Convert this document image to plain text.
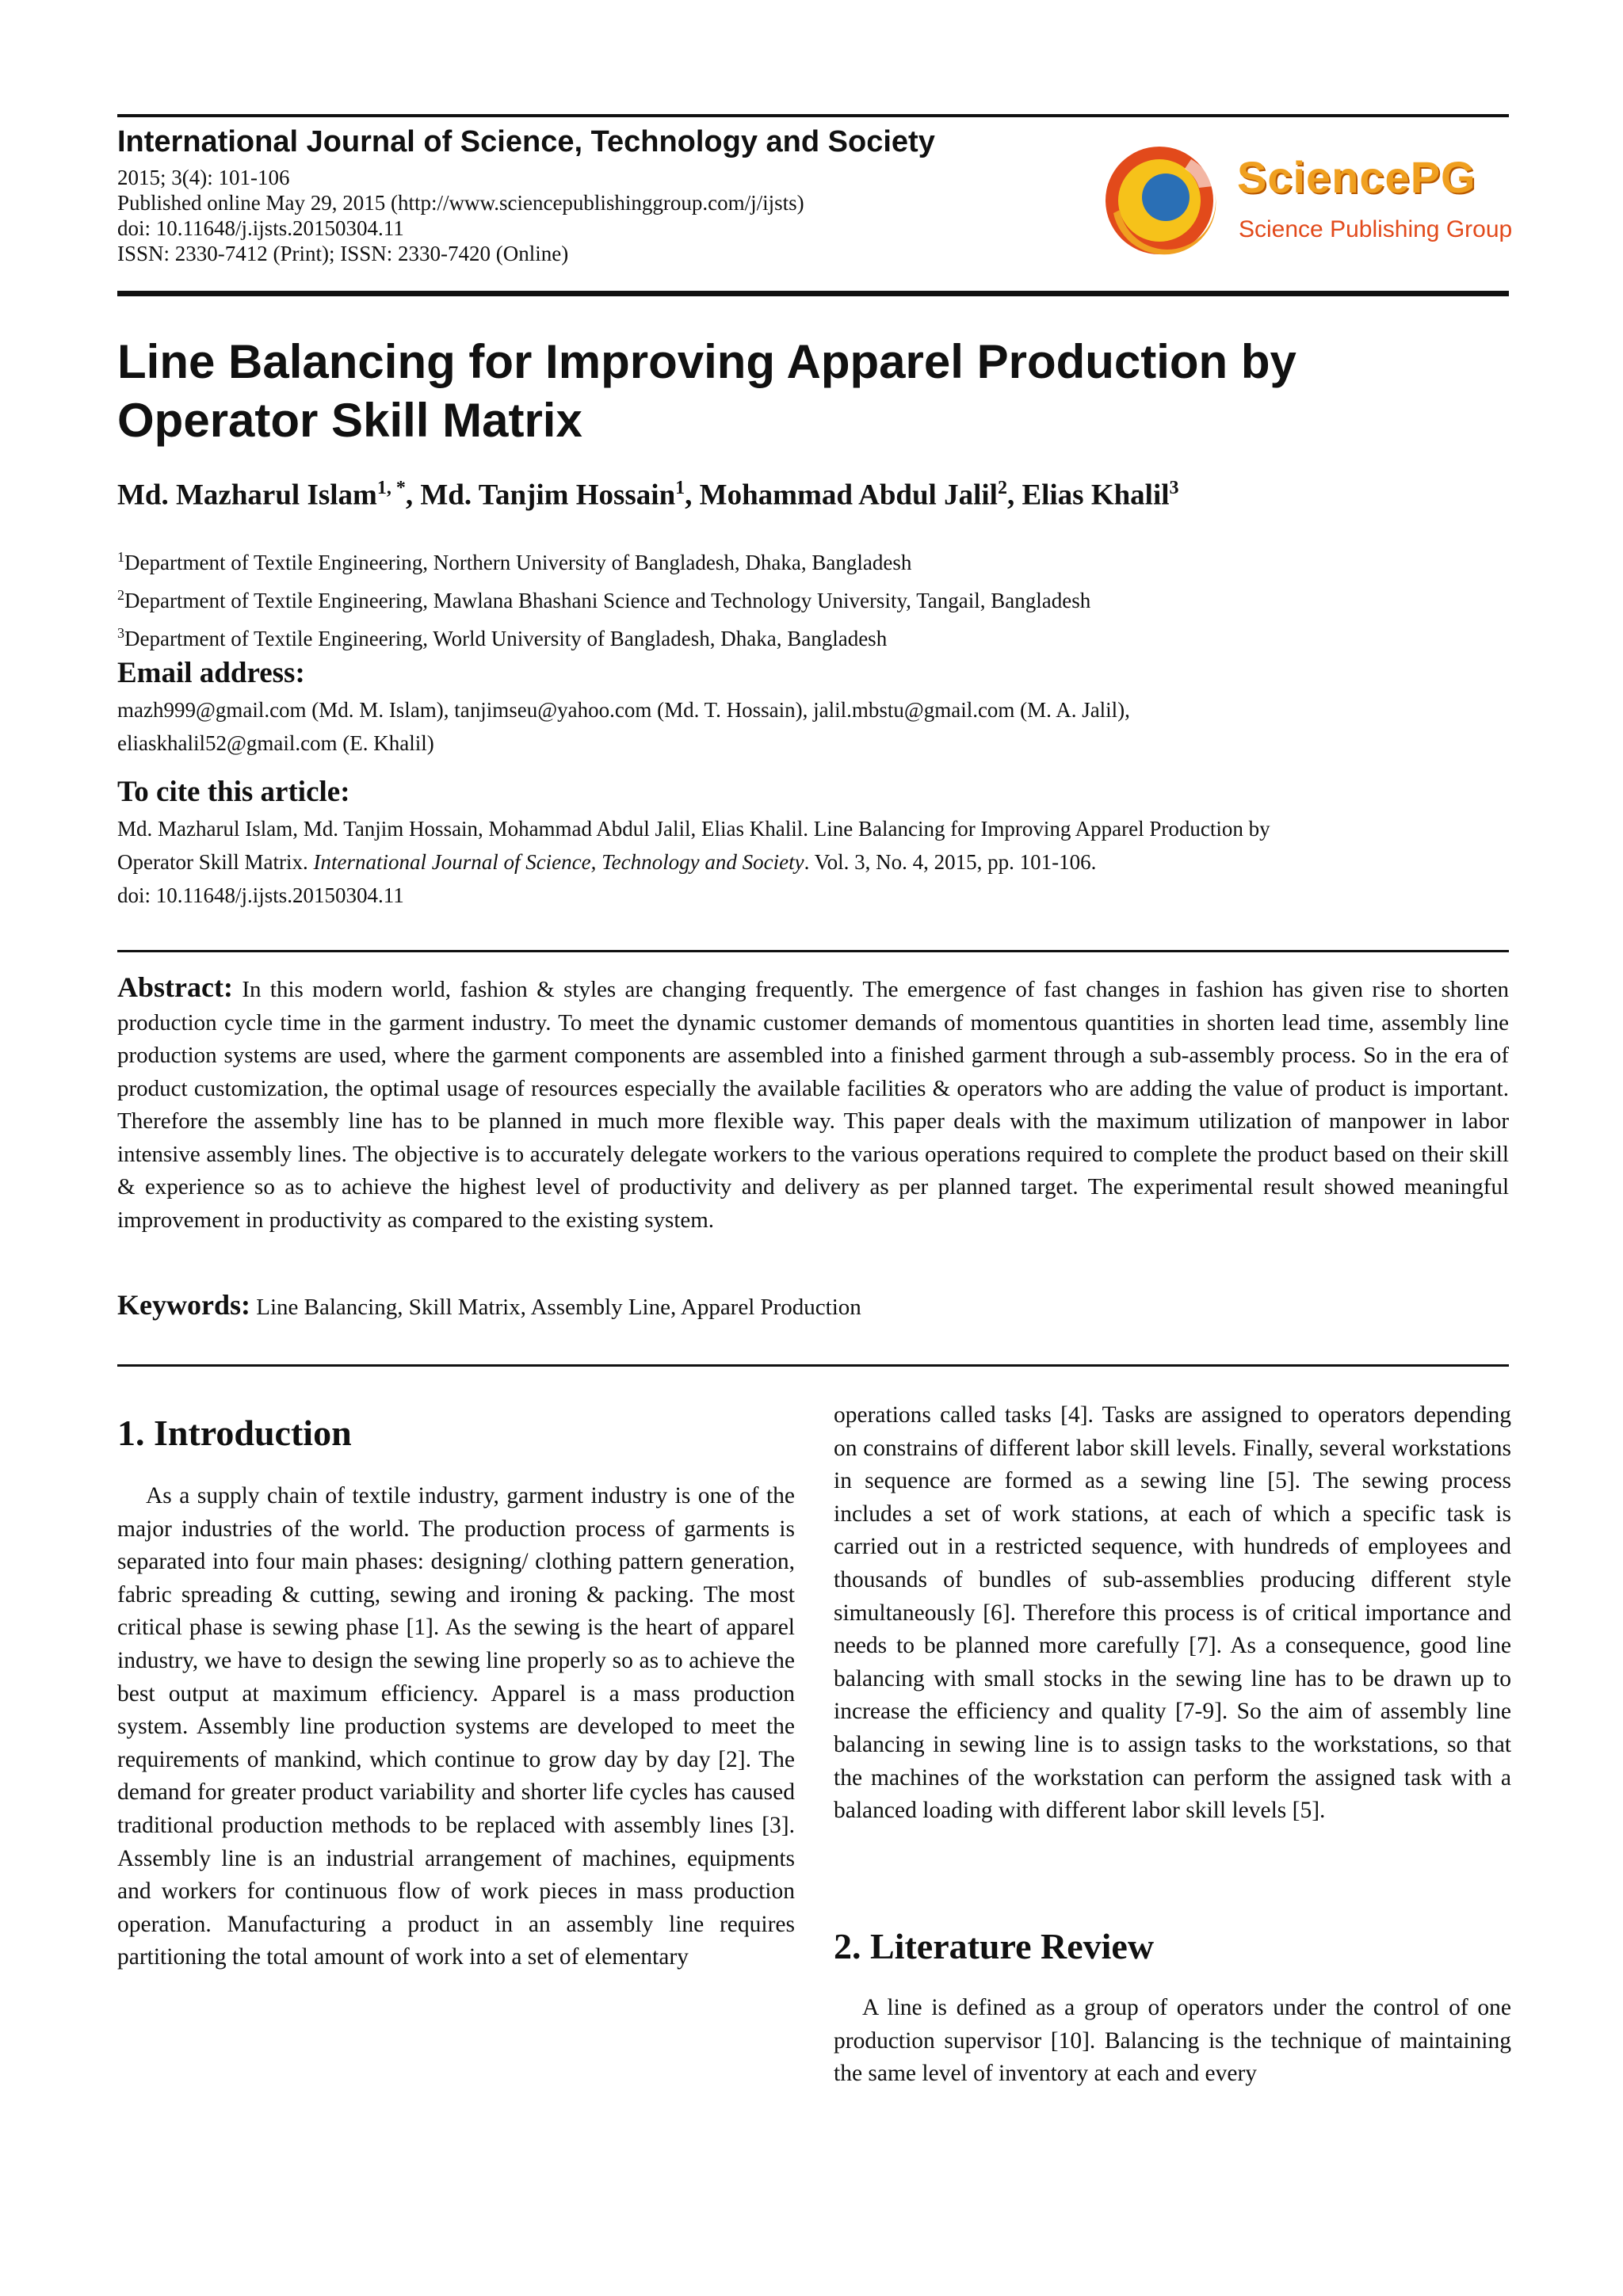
International Journal of Science, Technology and Society
2015; 3(4): 101-106
Published online May 29, 2015 (http://www.sciencepublishinggroup.com/j/ijsts)
doi: 10.11648/j.ijsts.20150304.11
ISSN: 2330-7412 (Print); ISSN: 2330-7420 (Online)
SciencePG
Science Publishing Group
Line Balancing for Improving Apparel Production by
Operator Skill Matrix
Md. Mazharul Islam$^{1, *}$, Md. Tanjim Hossain$^1$, Mohammad Abdul Jalil$^2$, Elias Khalil$^3$
$^1$Department of Textile Engineering, Northern University of Bangladesh, Dhaka, Bangladesh
$^2$Department of Textile Engineering, Mawlana Bhashani Science and Technology University, Tangail, Bangladesh
$^3$Department of Textile Engineering, World University of Bangladesh, Dhaka, Bangladesh
Email address:
mazh999@gmail.com (Md. M. Islam), tanjimseu@yahoo.com (Md. T. Hossain), jalil.mbstu@gmail.com (M. A. Jalil),
eliaskhalil52@gmail.com (E. Khalil)
To cite this article:
Md. Mazharul Islam, Md. Tanjim Hossain, Mohammad Abdul Jalil, Elias Khalil. Line Balancing for Improving Apparel Production by
Operator Skill Matrix. International Journal of Science, Technology and Society. Vol. 3, No. 4, 2015, pp. 101-106.
doi: 10.11648/j.ijsts.20150304.11
Abstract: In this modern world, fashion & styles are changing frequently. The emergence of fast changes in fashion has given rise to shorten production cycle time in the garment industry. To meet the dynamic customer demands of momentous quantities in shorten lead time, assembly line production systems are used, where the garment components are assembled into a finished garment through a sub-assembly process. So in the era of product customization, the optimal usage of resources especially the available facilities & operators who are adding the value of product is important. Therefore the assembly line has to be planned in much more flexible way. This paper deals with the maximum utilization of manpower in labor intensive assembly lines. The objective is to accurately delegate workers to the various operations required to complete the product based on their skill & experience so as to achieve the highest level of productivity and delivery as per planned target. The experimental result showed meaningful improvement in productivity as compared to the existing system.
Keywords: Line Balancing, Skill Matrix, Assembly Line, Apparel Production
1. Introduction
As a supply chain of textile industry, garment industry is one of the major industries of the world. The production process of garments is separated into four main phases: designing/ clothing pattern generation, fabric spreading & cutting, sewing and ironing & packing. The most critical phase is sewing phase [1]. As the sewing is the heart of apparel industry, we have to design the sewing line properly so as to achieve the best output at maximum efficiency. Apparel is a mass production system. Assembly line production systems are developed to meet the requirements of mankind, which continue to grow day by day [2]. The demand for greater product variability and shorter life cycles has caused traditional production methods to be replaced with assembly lines [3]. Assembly line is an industrial arrangement of machines, equipments and workers for continuous flow of work pieces in mass production operation. Manufacturing a product in an assembly line requires partitioning the total amount of work into a set of elementary
operations called tasks [4]. Tasks are assigned to operators depending on constrains of different labor skill levels. Finally, several workstations in sequence are formed as a sewing line [5]. The sewing process includes a set of work stations, at each of which a specific task is carried out in a restricted sequence, with hundreds of employees and thousands of bundles of sub-assemblies producing different style simultaneously [6]. Therefore this process is of critical importance and needs to be planned more carefully [7]. As a consequence, good line balancing with small stocks in the sewing line has to be drawn up to increase the efficiency and quality [7-9]. So the aim of assembly line balancing in sewing line is to assign tasks to the workstations, so that the machines of the workstation can perform the assigned task with a balanced loading with different labor skill levels [5].
2. Literature Review
A line is defined as a group of operators under the control of one production supervisor [10]. Balancing is the technique of maintaining the same level of inventory at each and every
